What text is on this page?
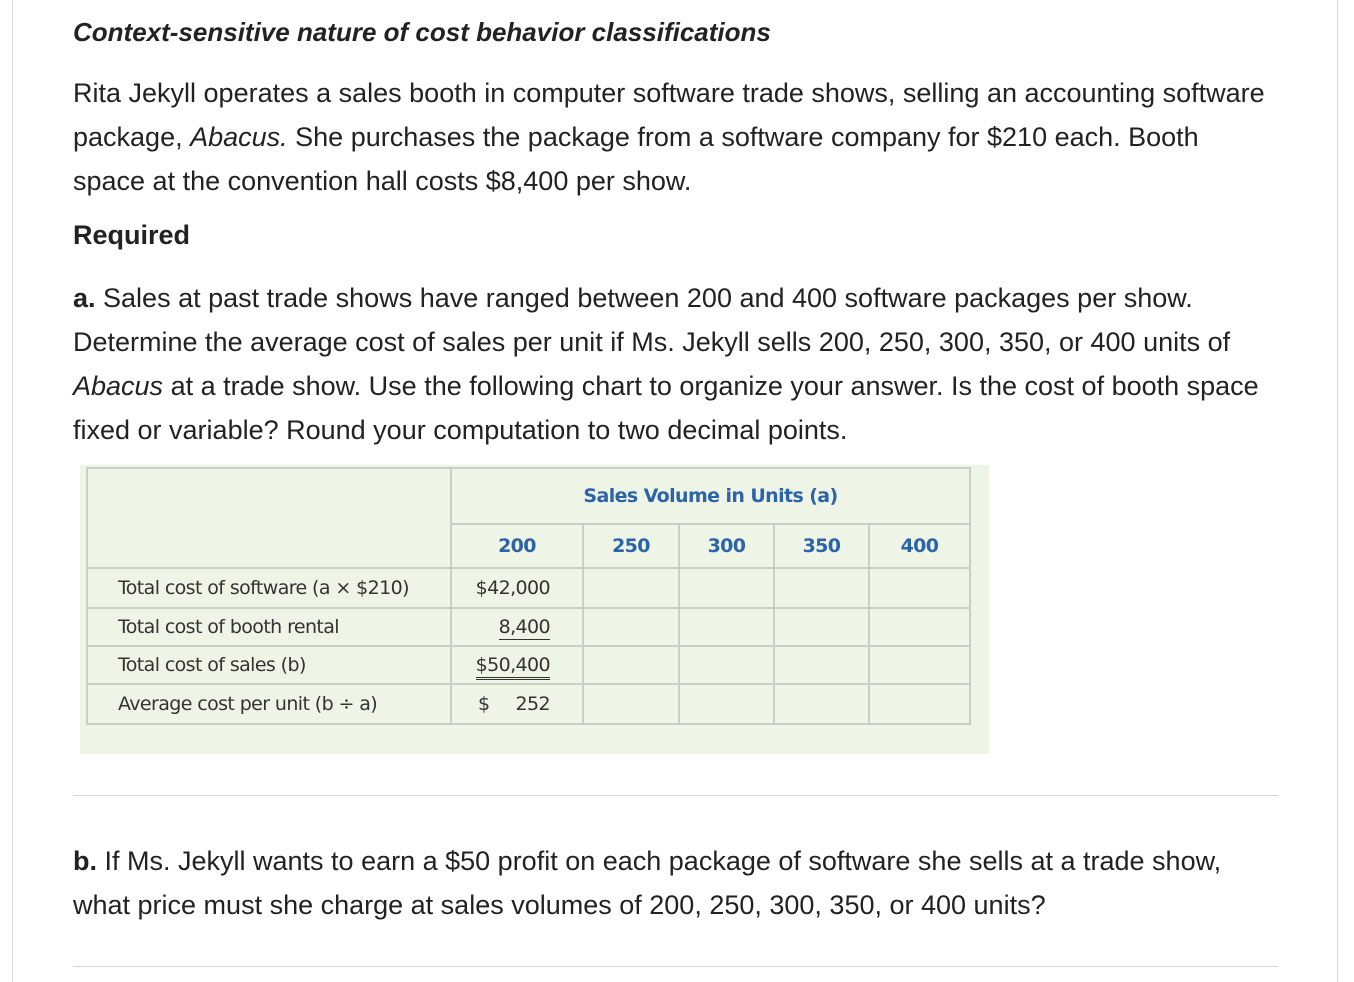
Context-sensitive nature of cost behavior classifications
Rita Jekyll operates a sales booth in computer software trade shows, selling an accounting software package, Abacus. She purchases the package from a software company for $210 each. Booth space at the convention hall costs $8,400 per show.
Required
a. Sales at past trade shows have ranged between 200 and 400 software packages per show. Determine the average cost of sales per unit if Ms. Jekyll sells 200, 250, 300, 350, or 400 units of Abacus at a trade show. Use the following chart to organize your answer. Is the cost of booth space fixed or variable? Round your computation to two decimal points.
b. If Ms. Jekyll wants to earn a $50 profit on each package of software she sells at a trade show, what price must she charge at sales volumes of 200, 250, 300, 350, or 400 units?
	Sales Volume in Units (a)				
	200	250	300	350	400
Total cost of software (a × $210)	$42,000				
Total cost of booth rental	8,400				
Total cost of sales (b)	$50,400				
Average cost per unit (b ÷ a)	$ 252				
